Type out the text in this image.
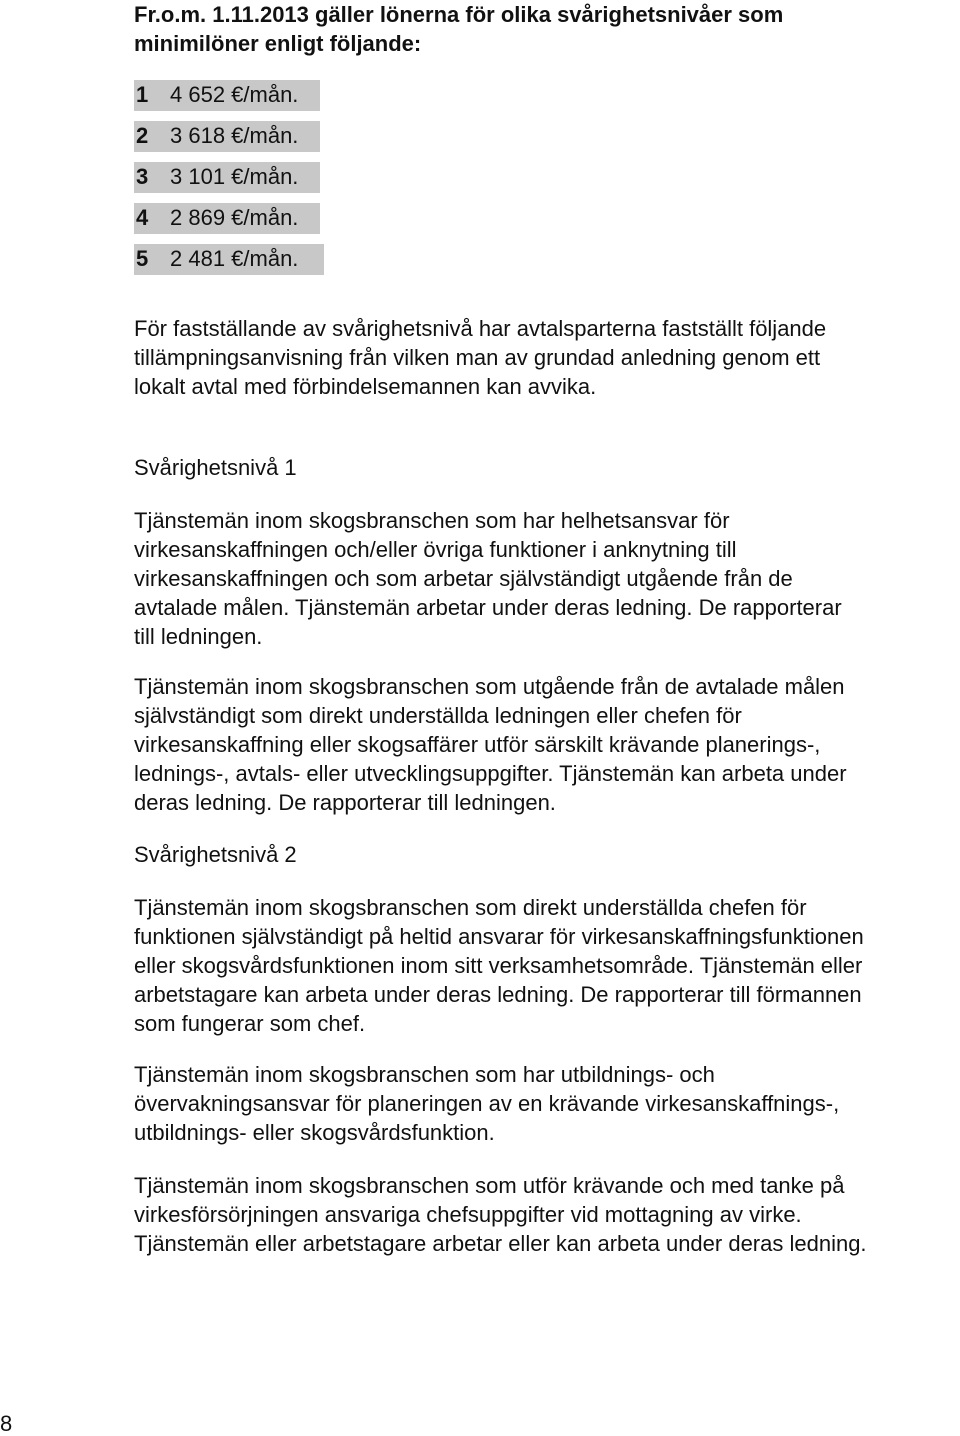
Fr.o.m. 1.11.2013 gäller lönerna för olika svårighetsnivåer som
minimilöner enligt följande:
1 4 652 €/mån.
2 3 618 €/mån.
3 3 101 €/mån.
4 2 869 €/mån.
5 2 481 €/mån.
För fastställande av svårighetsnivå har avtalsparterna fastställt följande
tillämpningsanvisning från vilken man av grundad anledning genom ett
lokalt avtal med förbindelsemannen kan avvika.
Svårighetsnivå 1
Tjänstemän inom skogsbranschen som har helhetsansvar för
virkesanskaffningen och/eller övriga funktioner i anknytning till
virkesanskaffningen och som arbetar självständigt utgående från de
avtalade målen. Tjänstemän arbetar under deras ledning. De rapporterar
till ledningen.
Tjänstemän inom skogsbranschen som utgående från de avtalade målen
självständigt som direkt underställda ledningen eller chefen för
virkesanskaffning eller skogsaffärer utför särskilt krävande planerings-,
lednings-, avtals- eller utvecklingsuppgifter. Tjänstemän kan arbeta under
deras ledning. De rapporterar till ledningen.
Svårighetsnivå 2
Tjänstemän inom skogsbranschen som direkt underställda chefen för
funktionen självständigt på heltid ansvarar för virkesanskaffningsfunktionen
eller skogsvårdsfunktionen inom sitt verksamhetsområde. Tjänstemän eller
arbetstagare kan arbeta under deras ledning. De rapporterar till förmannen
som fungerar som chef.
Tjänstemän inom skogsbranschen som har utbildnings- och
övervakningsansvar för planeringen av en krävande virkesanskaffnings-,
utbildnings- eller skogsvårdsfunktion.
Tjänstemän inom skogsbranschen som utför krävande och med tanke på
virkesförsörjningen ansvariga chefsuppgifter vid mottagning av virke.
Tjänstemän eller arbetstagare arbetar eller kan arbeta under deras ledning.
8
